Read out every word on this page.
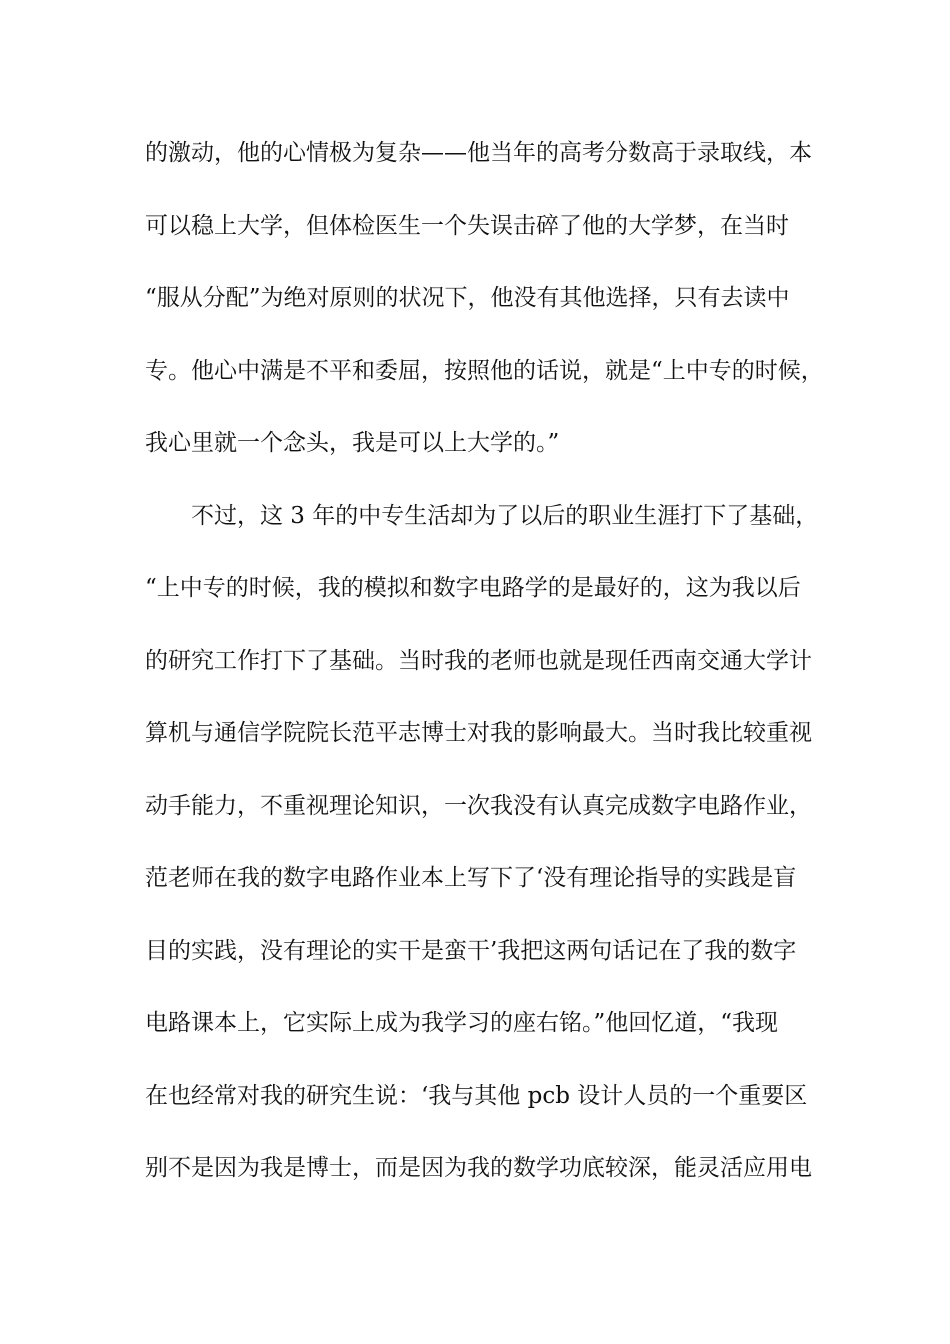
的激动，他的心情极为复杂——他当年的高考分数高于录取线，本
可以稳上大学，但体检医生一个失误击碎了他的大学梦，在当时
“服从分配”为绝对原则的状况下，他没有其他选择，只有去读中
专。他心中满是不平和委屈，按照他的话说，就是“上中专的时候，
我心里就一个念头，我是可以上大学的。”
不过，这 3 年的中专生活却为了以后的职业生涯打下了基础，
“上中专的时候，我的模拟和数字电路学的是最好的，这为我以后
的研究工作打下了基础。当时我的老师也就是现任西南交通大学计
算机与通信学院院长范平志博士对我的影响最大。当时我比较重视
动手能力，不重视理论知识，一次我没有认真完成数字电路作业，
范老师在我的数字电路作业本上写下了‘没有理论指导的实践是盲
目的实践，没有理论的实干是蛮干’我把这两句话记在了我的数字
电路课本上，它实际上成为我学习的座右铭。”他回忆道，“我现
在也经常对我的研究生说：‘我与其他 pcb 设计人员的一个重要区
别不是因为我是博士，而是因为我的数学功底较深，能灵活应用电
